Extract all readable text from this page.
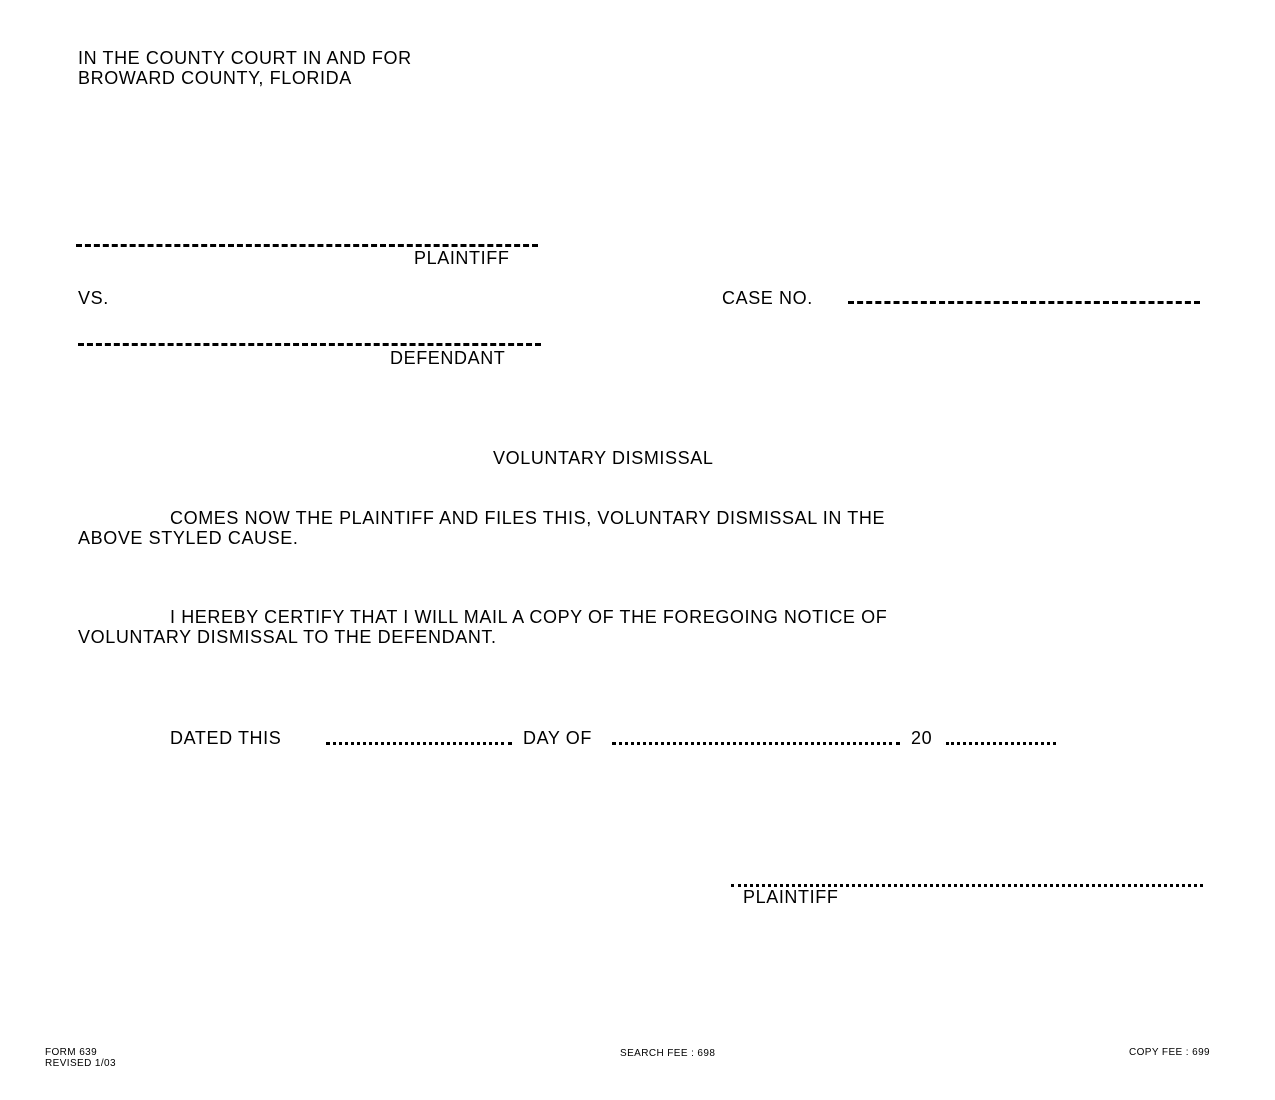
IN THE COUNTY COURT IN AND FOR
BROWARD COUNTY, FLORIDA
PLAINTIFF
VS.	CASE NO.
DEFENDANT
VOLUNTARY DISMISSAL
COMES NOW THE PLAINTIFF AND FILES THIS, VOLUNTARY DISMISSAL IN THE
ABOVE STYLED CAUSE.
I HEREBY CERTIFY THAT I WILL MAIL A COPY OF THE FOREGOING NOTICE OF
VOLUNTARY DISMISSAL TO THE DEFENDANT.
DATED THIS	DAY OF	20
PLAINTIFF
FORM 639
REVISED 1/03
SEARCH FEE : 698	COPY FEE : 699
